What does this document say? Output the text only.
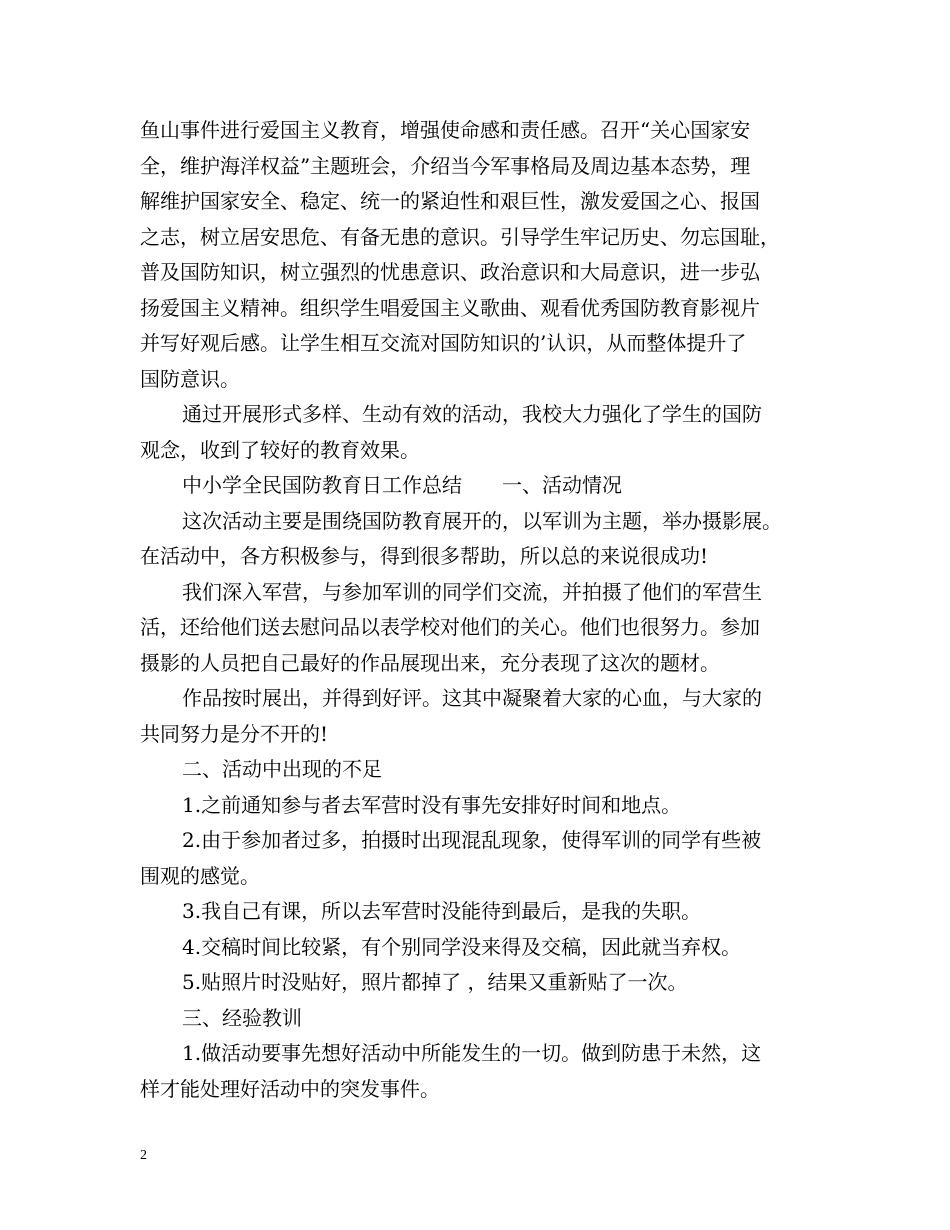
鱼山事件进行爱国主义教育，增强使命感和责任感。召开“关心国家安
全，维护海洋权益”主题班会，介绍当今军事格局及周边基本态势，理
解维护国家安全、稳定、统一的紧迫性和艰巨性，激发爱国之心、报国
之志，树立居安思危、有备无患的意识。引导学生牢记历史、勿忘国耻，
普及国防知识，树立强烈的忧患意识、政治意识和大局意识，进一步弘
扬爱国主义精神。组织学生唱爱国主义歌曲、观看优秀国防教育影视片
并写好观后感。让学生相互交流对国防知识的’认识，从而整体提升了
国防意识。
通过开展形式多样、生动有效的活动，我校大力强化了学生的国防
观念，收到了较好的教育效果。
中小学全民国防教育日工作总结　　一、活动情况
这次活动主要是围绕国防教育展开的，以军训为主题，举办摄影展。
在活动中，各方积极参与，得到很多帮助，所以总的来说很成功!
我们深入军营，与参加军训的同学们交流，并拍摄了他们的军营生
活，还给他们送去慰问品以表学校对他们的关心。他们也很努力。参加
摄影的人员把自己最好的作品展现出来，充分表现了这次的题材。
作品按时展出，并得到好评。这其中凝聚着大家的心血，与大家的
共同努力是分不开的!
二、活动中出现的不足
1.之前通知参与者去军营时没有事先安排好时间和地点。
2.由于参加者过多，拍摄时出现混乱现象，使得军训的同学有些被
围观的感觉。
3.我自己有课，所以去军营时没能待到最后，是我的失职。
4.交稿时间比较紧，有个别同学没来得及交稿，因此就当弃权。
5.贴照片时没贴好，照片都掉了 ，结果又重新贴了一次。
三、经验教训
1.做活动要事先想好活动中所能发生的一切。做到防患于未然，这
样才能处理好活动中的突发事件。
2
